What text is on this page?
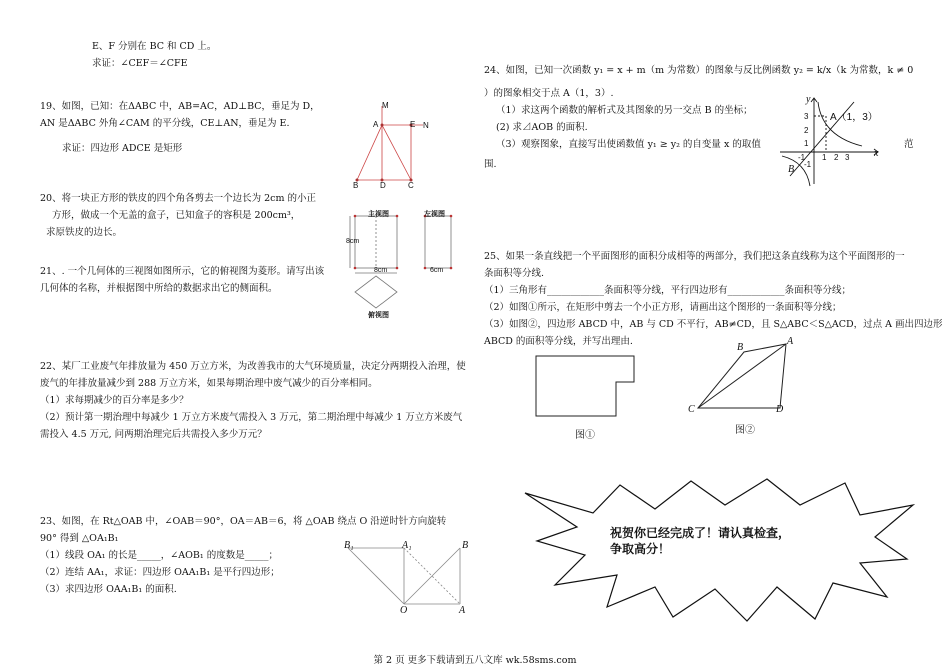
E、F 分别在 BC 和 CD 上。
求证：∠CEF＝∠CFE
19、如图，已知：在ΔABC 中，AB=AC，AD⊥BC，垂足为 D，
AN 是ΔABC 外角∠CAM 的平分线，CE⊥AN，垂足为 E.
求证：四边形 ADCE 是矩形
M
A	E N
B	D	C
20、将一块正方形的铁皮的四个角各剪去一个边长为 2cm 的小正
方形，做成一个无盖的盒子，已知盒子的容积是 200cm³，
求原铁皮的边长。
主视图	左视图
8cm
8cm	6cm
俯视图
21、. 一个几何体的三视图如图所示，它的俯视图为菱形。请写出该
几何体的名称，并根据图中所给的数据求出它的侧面积。
22、某厂工业废气年排放量为 450 万立方米，为改善我市的大气环境质量，决定分两期投入治理，使
废气的年排放量减少到 288 万立方米，如果每期治理中废气减少的百分率相同。
（1）求每期减少的百分率是多少？
（2）预计第一期治理中每减少 1 万立方米废气需投入 3 万元，第二期治理中每减少 1 万立方米废气
需投入 4.5 万元, 问两期治理完后共需投入多少万元？
23、如图，在 Rt△OAB 中，∠OAB＝90°，OA＝AB＝6，将 △OAB 绕点 O 沿逆时针方向旋转
90° 得到 △OA₁B₁
（1）线段 OA₁ 的长是_____，∠AOB₁ 的度数是_____；
（2）连结 AA₁，求证：四边形 OAA₁B₁ 是平行四边形；
（3）求四边形 OAA₁B₁ 的面积.
B₁	A₁	B
O	A
24、如图，已知一次函数 y₁ = x + m（m 为常数）的图象与反比例函数 y₂ = k/x（k 为常数，k ≠ 0
）的图象相交于点 A（1，3）.
（1）求这两个函数的解析式及其图象的另一交点 B 的坐标；
(2) 求⊿AOB 的面积.
（3）观察图象，直接写出使函数值 y₁ ≥ y₂ 的自变量 x 的取值	范
围.
y
x
A（1，3）
B
1 2 3
-1
3
2
1
-1
25、如果一条直线把一个平面图形的面积分成相等的两部分，我们把这条直线称为这个平面图形的一
条面积等分线.
（1）三角形有____________条面积等分线，平行四边形有____________条面积等分线；
（2）如图①所示，在矩形中剪去一个小正方形，请画出这个图形的一条面积等分线；
（3）如图②，四边形 ABCD 中，AB 与 CD 不平行，AB≠CD，且 S△ABC＜S△ACD，过点 A 画出四边形
ABCD 的面积等分线，并写出理由.
图①
A
B
C	D
图②
祝贺你已经完成了！请认真检查，
争取高分！
第 2 页 更多下载请到五八文库 wk.58sms.com
